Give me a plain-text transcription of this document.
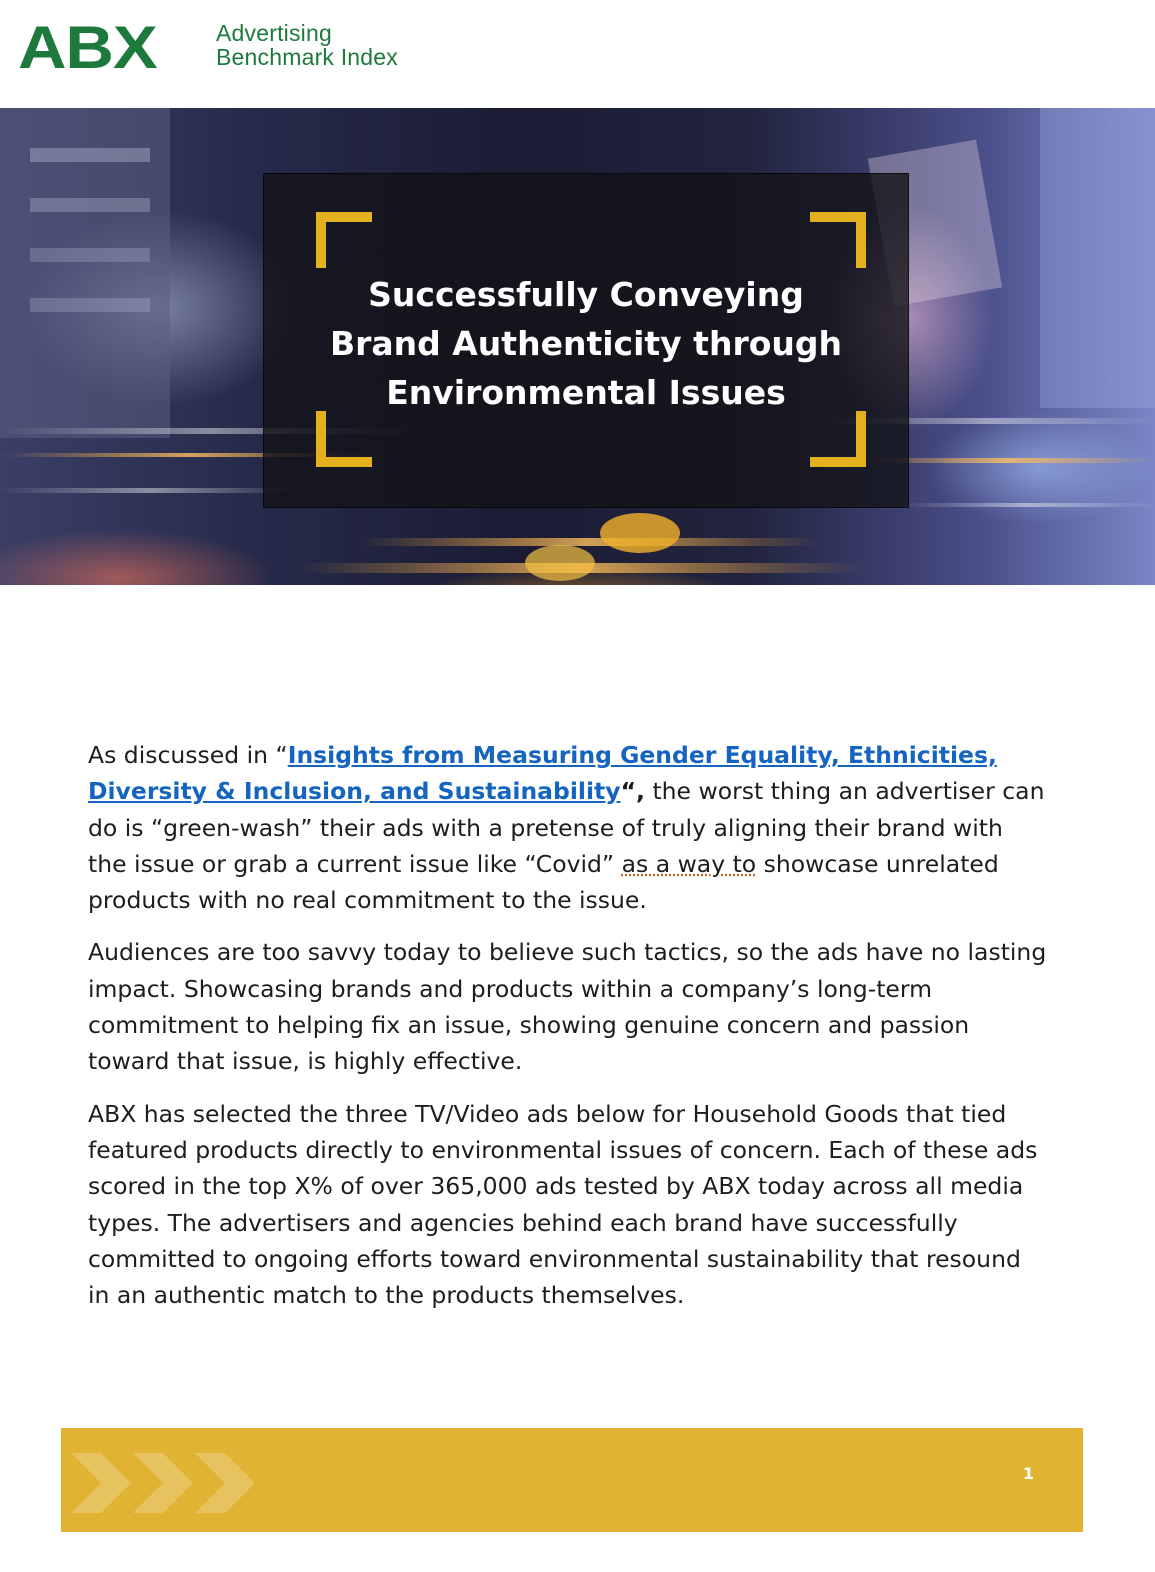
ABX	Advertising
Benchmark Index
Successfully Conveying
Brand Authenticity through
Environmental Issues

As discussed in “Insights from Measuring Gender Equality, Ethnicities, Diversity & Inclusion, and Sustainability“, the worst thing an advertiser can do is “green-wash” their ads with a pretense of truly aligning their brand with the issue or grab a current issue like “Covid” as a way to showcase unrelated products with no real commitment to the issue.

Audiences are too savvy today to believe such tactics, so the ads have no lasting impact. Showcasing brands and products within a company’s long-term commitment to helping fix an issue, showing genuine concern and passion toward that issue, is highly effective.

ABX has selected the three TV/Video ads below for Household Goods that tied featured products directly to environmental issues of concern. Each of these ads scored in the top X% of over 365,000 ads tested by ABX today across all media types. The advertisers and agencies behind each brand have successfully committed to ongoing efforts toward environmental sustainability that resound in an authentic match to the products themselves.

1
